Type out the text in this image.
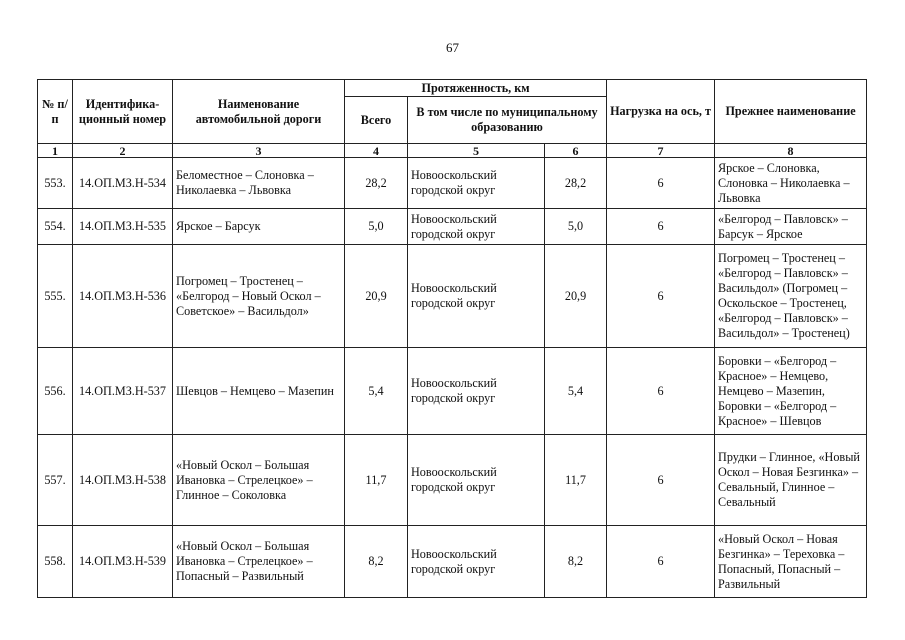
67
№ п/п	Идентифика-ционный номер	Наименование автомобильной дороги	Протяженность, км			Нагрузка на ось, т	Прежнее наименование
			Всего	В том числе по муниципальному образованию			
1	2	3	4	5	6	7	8
553.	14.ОП.МЗ.Н-534	Беломестное – Слоновка – Николаевка – Львовка	28,2	Новооскольский городской округ	28,2	6	Ярское – Слоновка, Слоновка – Николаевка – Львовка
554.	14.ОП.МЗ.Н-535	Ярское – Барсук	5,0	Новооскольский городской округ	5,0	6	«Белгород – Павловск» – Барсук – Ярское
555.	14.ОП.МЗ.Н-536	Погромец – Тростенец – «Белгород – Новый Оскол – Советское» – Васильдол»	20,9	Новооскольский городской округ	20,9	6	Погромец – Тростенец – «Белгород – Павловск» – Васильдол» (Погромец – Оскольское – Тростенец, «Белгород – Павловск» – Васильдол» – Тростенец)
556.	14.ОП.МЗ.Н-537	Шевцов – Немцево – Мазепин	5,4	Новооскольский городской округ	5,4	6	Боровки – «Белгород – Красное» – Немцево, Немцево – Мазепин, Боровки – «Белгород – Красное» – Шевцов
557.	14.ОП.МЗ.Н-538	«Новый Оскол – Большая Ивановка – Стрелецкое» – Глинное – Соколовка	11,7	Новооскольский городской округ	11,7	6	Прудки – Глинное, «Новый Оскол – Новая Безгинка» – Севальный, Глинное – Севальный
558.	14.ОП.МЗ.Н-539	«Новый Оскол – Большая Ивановка – Стрелецкое» – Попасный – Развильный	8,2	Новооскольский городской округ	8,2	6	«Новый Оскол – Новая Безгинка» – Тереховка – Попасный, Попасный – Развильный
